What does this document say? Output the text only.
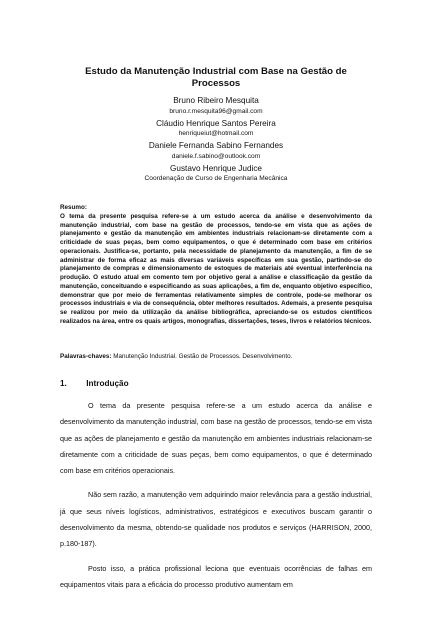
Estudo da Manutenção Industrial com Base na Gestão de Processos
Bruno Ribeiro Mesquita
bruno.r.mesquita96@gmail.com
Cláudio Henrique Santos Pereira
henriqueiut@hotmail.com
Daniele Fernanda Sabino Fernandes
daniele.f.sabino@outlook.com
Gustavo Henrique Judice
Coordenação de Curso de Engenharia Mecânica
Resumo:
O tema da presente pesquisa refere-se a um estudo acerca da análise e desenvolvimento da manutenção industrial, com base na gestão de processos, tendo-se em vista que as ações de planejamento e gestão da manutenção em ambientes industriais relacionam-se diretamente com a criticidade de suas peças, bem como equipamentos, o que é determinado com base em critérios operacionais. Justifica-se, portanto, pela necessidade de planejamento da manutenção, a fim de se administrar de forma eficaz as mais diversas variáveis específicas em sua gestão, partindo-se do planejamento de compras e dimensionamento de estoques de materiais até eventual interferência na produção. O estudo atual em comento tem por objetivo geral a análise e classificação da gestão da manutenção, conceituando e especificando as suas aplicações, a fim de, enquanto objetivo específico, demonstrar que por meio de ferramentas relativamente simples de controle, pode-se melhorar os processos industriais e via de consequência, obter melhores resultados. Ademais, a presente pesquisa se realizou por meio da utilização da análise bibliográfica, apreciando-se os estudos científicos realizados na área, entre os quais artigos, monografias, dissertações, teses, livros e relatórios técnicos.
Palavras-chaves: Manutenção Industrial. Gestão de Processos. Desenvolvimento.
1. Introdução

O tema da presente pesquisa refere-se a um estudo acerca da análise e desenvolvimento da manutenção industrial, com base na gestão de processos, tendo-se em vista que as ações de planejamento e gestão da manutenção em ambientes industriais relacionam-se diretamente com a criticidade de suas peças, bem como equipamentos, o que é determinado com base em critérios operacionais.

Não sem razão, a manutenção vem adquirindo maior relevância para a gestão industrial, já que seus níveis logísticos, administrativos, estratégicos e executivos buscam garantir o desenvolvimento da mesma, obtendo-se qualidade nos produtos e serviços (HARRISON, 2000, p.180-187).

Posto isso, a prática profissional leciona que eventuais ocorrências de falhas em equipamentos vitais para a eficácia do processo produtivo aumentam em
